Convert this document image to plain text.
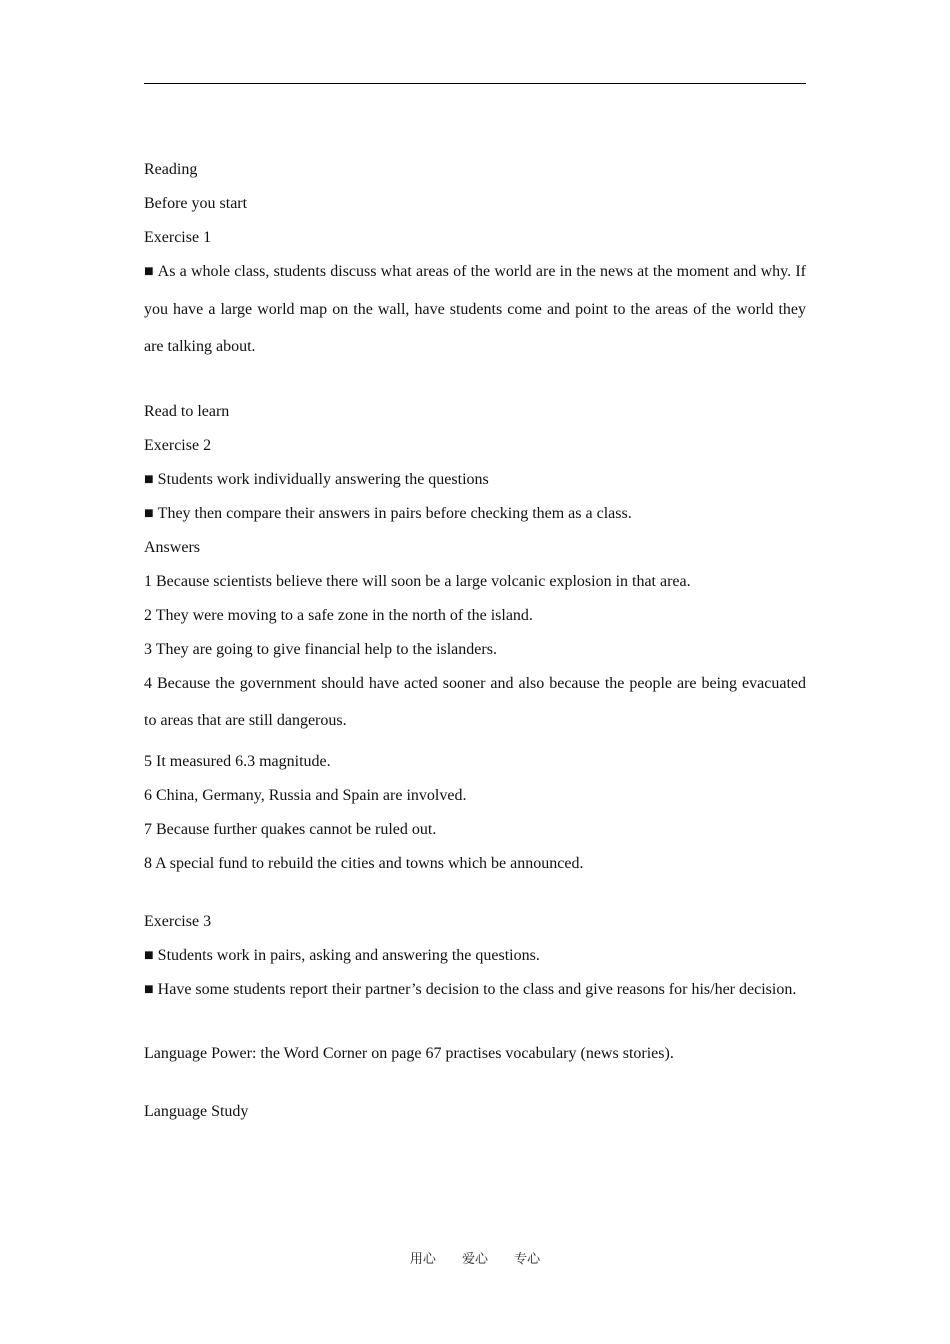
Reading
Before you start
Exercise 1
■ As a whole class, students discuss what areas of the world are in the news at the moment and why. If you have a large world map on the wall, have students come and point to the areas of the world they are talking about.
Read to learn
Exercise 2
■ Students work individually answering the questions
■ They then compare their answers in pairs before checking them as a class.
Answers
1 Because scientists believe there will soon be a large volcanic explosion in that area.
2 They were moving to a safe zone in the north of the island.
3 They are going to give financial help to the islanders.
4 Because the government should have acted sooner and also because the people are being evacuated to areas that are still dangerous.
5 It measured 6.3 magnitude.
6 China, Germany, Russia and Spain are involved.
7 Because further quakes cannot be ruled out.
8 A special fund to rebuild the cities and towns which be announced.
Exercise 3
■ Students work in pairs, asking and answering the questions.
■ Have some students report their partner’s decision to the class and give reasons for his/her decision.
Language Power: the Word Corner on page 67 practises vocabulary (news stories).
Language Study
用心 爱心 专心
